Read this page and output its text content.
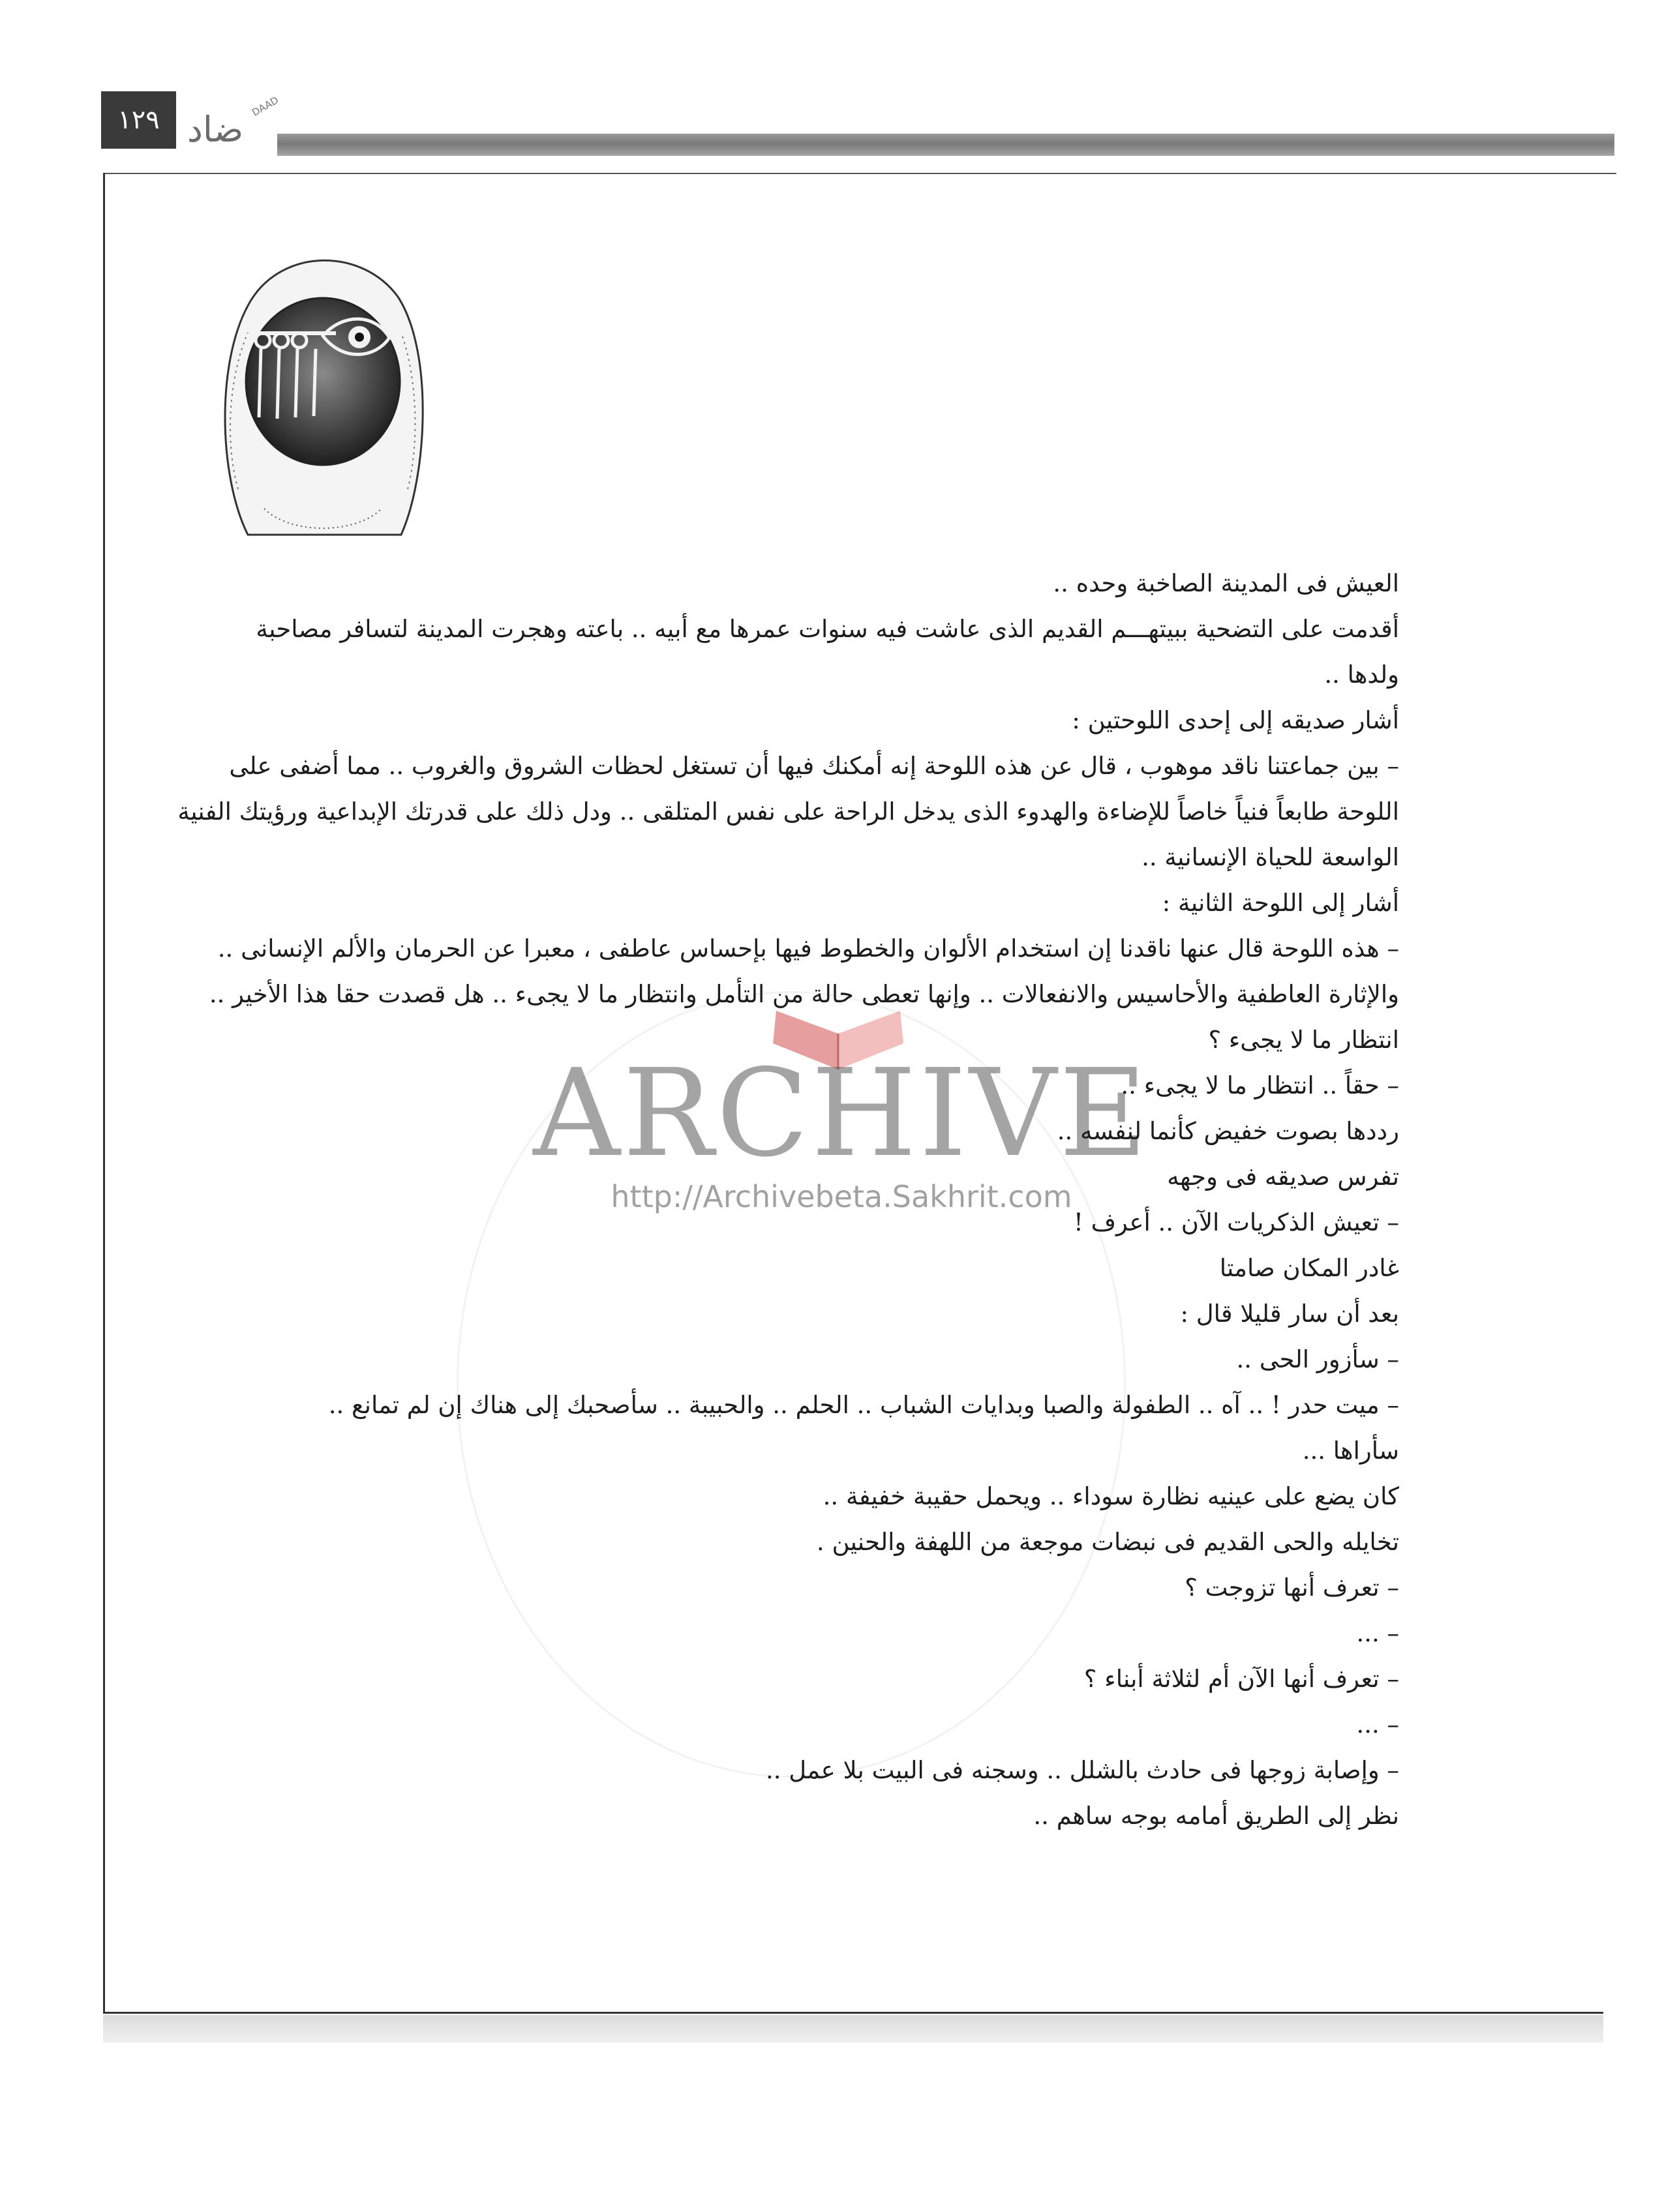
١٢٩ ضاد
DAAD
ARCHIVE
http://Archivebeta.Sakhrit.com

العيش فى المدينة الصاخبة وحده ..

أقدمت على التضحية ببيتهـــم القديم الذى عاشت فيه سنوات عمرها مع أبيه .. باعته وهجرت المدينة لتسافر مصاحبة

ولدها ..

أشار صديقه إلى إحدى اللوحتين :

– بين جماعتنا ناقد موهوب ، قال عن هذه اللوحة إنه أمكنك فيها أن تستغل لحظات الشروق والغروب .. مما أضفى على

اللوحة طابعاً فنياً خاصاً للإضاءة والهدوء الذى يدخل الراحة على نفس المتلقى .. ودل ذلك على قدرتك الإبداعية ورؤيتك الفنية

الواسعة للحياة الإنسانية ..

أشار إلى اللوحة الثانية :

– هذه اللوحة قال عنها ناقدنا إن استخدام الألوان والخطوط فيها بإحساس عاطفى ، معبرا عن الحرمان والألم الإنسانى ..

والإثارة العاطفية والأحاسيس والانفعالات .. وإنها تعطى حالة من التأمل وانتظار ما لا يجىء .. هل قصدت حقا هذا الأخير ..

انتظار ما لا يجىء ؟

– حقاً .. انتظار ما لا يجىء ..

رددها بصوت خفيض كأنما لنفسه ..

تفرس صديقه فى وجهه

– تعيش الذكريات الآن .. أعرف !

غادر المكان صامتا

بعد أن سار قليلا قال :

– سأزور الحى ..

– ميت حدر ! .. آه .. الطفولة والصبا وبدايات الشباب .. الحلم .. والحبيبة .. سأصحبك إلى هناك إن لم تمانع ..

سأراها ...

كان يضع على عينيه نظارة سوداء .. ويحمل حقيبة خفيفة ..

تخايله والحى القديم فى نبضات موجعة من اللهفة والحنين .

– تعرف أنها تزوجت ؟

– ...

– تعرف أنها الآن أم لثلاثة أبناء ؟

– ...

– وإصابة زوجها فى حادث بالشلل .. وسجنه فى البيت بلا عمل ..

نظر إلى الطريق أمامه بوجه ساهم ..
